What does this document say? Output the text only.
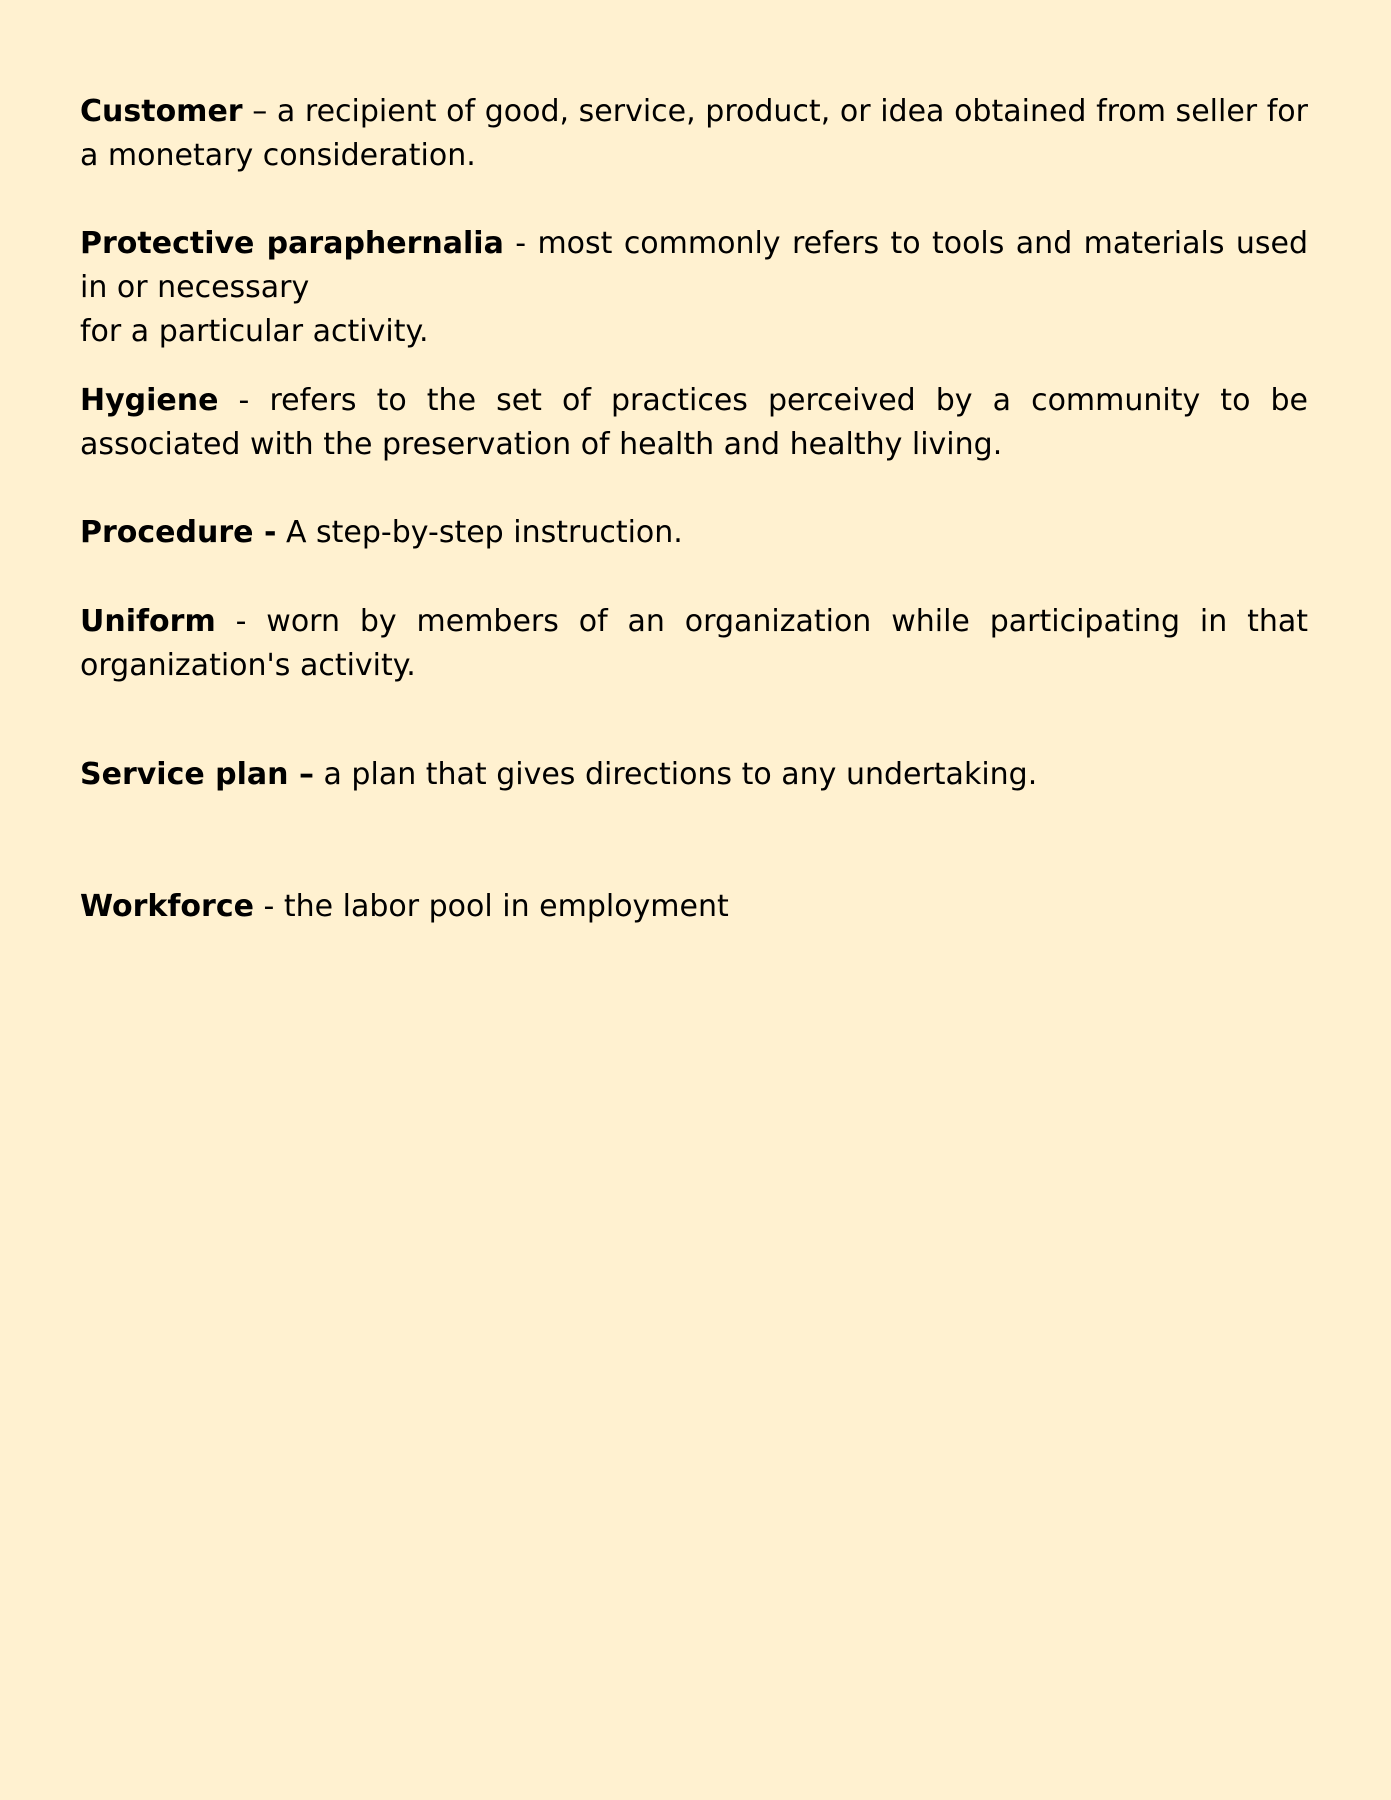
Customer – a recipient of good, service, product, or idea obtained from seller for a monetary consideration.

Protective paraphernalia - most commonly refers to tools and materials used in or necessary
for a particular activity.

Hygiene - refers to the set of practices perceived by a community to be associated with the preservation of health and healthy living.

Procedure - A step-by-step instruction.

Uniform - worn by members of an organization while participating in that organization's activity.

Service plan – a plan that gives directions to any undertaking.

Workforce - the labor pool in employment
